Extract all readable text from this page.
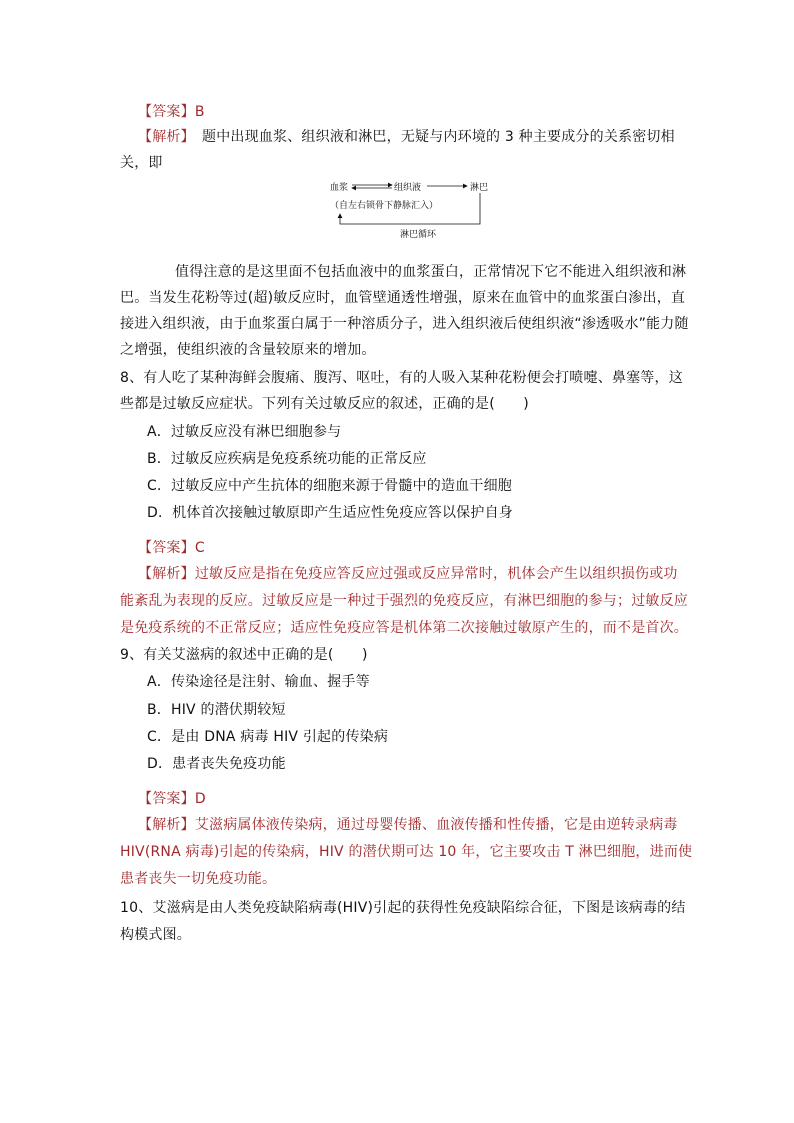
【答案】B
【解析】　 题中出现血浆、组织液和淋巴，无疑与内环境的 3 种主要成分的关系密切相
关，即
血浆	组织液	淋巴
（自左右锁骨下静脉汇入）
淋巴循环
值得注意的是这里面不包括血液中的血浆蛋白，正常情况下它不能进入组织液和淋
巴。当发生花粉等过(超)敏反应时，血管壁通透性增强，原来在血管中的血浆蛋白渗出，直
接进入组织液，由于血浆蛋白属于一种溶质分子，进入组织液后使组织液“渗透吸水”能力随
之增强，使组织液的含量较原来的增加。
8、有人吃了某种海鲜会腹痛、腹泻、呕吐，有的人吸入某种花粉便会打喷嚏、鼻塞等，这
些都是过敏反应症状。下列有关过敏反应的叙述，正确的是(　　)
A．过敏反应没有淋巴细胞参与
B．过敏反应疾病是免疫系统功能的正常反应
C．过敏反应中产生抗体的细胞来源于骨髓中的造血干细胞
D．机体首次接触过敏原即产生适应性免疫应答以保护自身
【答案】C
【解析】过敏反应是指在免疫应答反应过强或反应异常时，机体会产生以组织损伤或功
能紊乱为表现的反应。过敏反应是一种过于强烈的免疫反应，有淋巴细胞的参与；过敏反应
是免疫系统的不正常反应；适应性免疫应答是机体第二次接触过敏原产生的，而不是首次。
9、有关艾滋病的叙述中正确的是(　　)
A．传染途径是注射、输血、握手等
B．HIV 的潜伏期较短
C．是由 DNA 病毒 HIV 引起的传染病
D．患者丧失免疫功能
【答案】D
【解析】艾滋病属体液传染病，通过母婴传播、血液传播和性传播，它是由逆转录病毒
HIV(RNA 病毒)引起的传染病，HIV 的潜伏期可达 10 年，它主要攻击 T 淋巴细胞，进而使
患者丧失一切免疫功能。
10、艾滋病是由人类免疫缺陷病毒(HIV)引起的获得性免疫缺陷综合征，下图是该病毒的结
构模式图。
